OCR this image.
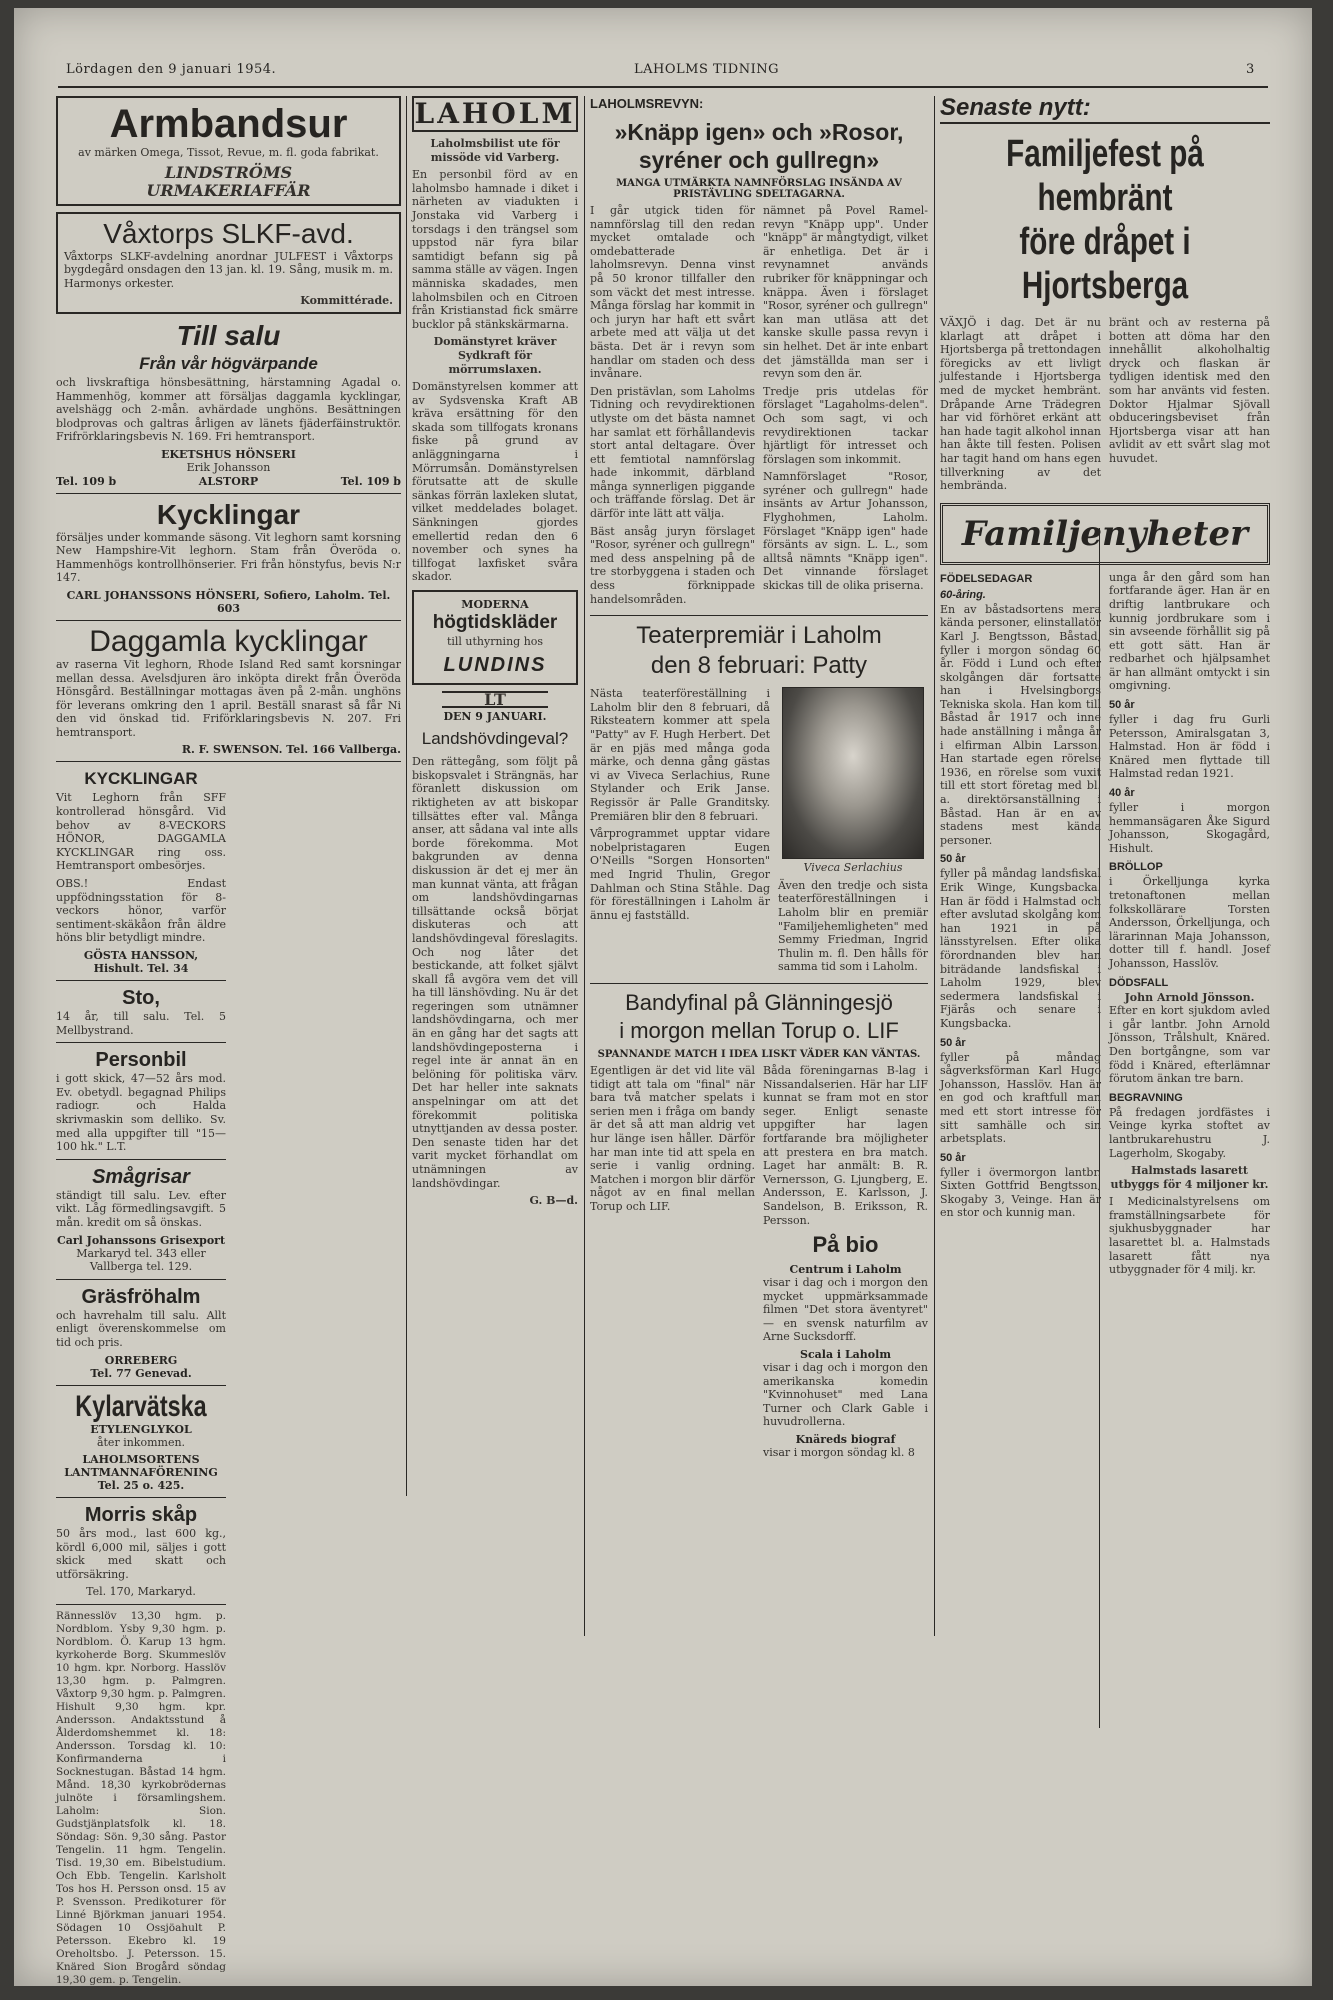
Lördagen den 9 januari 1954.	LAHOLMS TIDNING	3

Armbandsur

av märken Omega, Tissot, Revue, m. fl. goda fabrikat.

LINDSTRÖMS

URMAKERIAFFÄR

Våxtorps SLKF-avd.

Våxtorps SLKF-avdelning anordnar JULFEST i Våxtorps bygdegård onsdagen den 13 jan. kl. 19. Sång, musik m. m. Harmonys orkester.

Kommittérade.

Till salu

Från vår högvärpande

och livskraftiga hönsbesättning, härstamning Agadal o. Hammenhög, kommer att försäljas daggamla kycklingar, avelshägg och 2-mån. avhärdade unghöns. Besättningen blodprovas och galtras årligen av länets fjäderfäinstruktör. Frifrörklaringsbevis N. 169. Fri hemtransport.

EKETSHUS HÖNSERI

Erik Johansson

Tel. 109 b	ALSTORP	Tel. 109 b

Kycklingar

försäljes under kommande säsong. Vit leghorn samt korsning New Hampshire-Vit leghorn. Stam från Överöda o. Hammenhögs kontrollhönserier. Fri från hönstyfus, bevis N:r 147.

CARL JOHANSSONS HÖNSERI, Sofiero, Laholm. Tel. 603

Daggamla kycklingar

av raserna Vit leghorn, Rhode Island Red samt korsningar mellan dessa. Avelsdjuren äro inköpta direkt från Överöda Hönsgård. Beställningar mottagas även på 2-mån. unghöns för leverans omkring den 1 april. Beställ snarast så får Ni den vid önskad tid. Friförklaringsbevis N. 207. Fri hemtransport.

R. F. SWENSON. Tel. 166 Vallberga.

KYCKLINGAR

Vit Leghorn från SFF kontrollerad hönsgård. Vid behov av 8-VECKORS HÖNOR, DAGGAMLA KYCKLINGAR ring oss. Hemtransport ombesörjes.

OBS.! Endast uppfödningsstation för 8-veckors hönor, varför sentiment-skäkåon från äldre höns blir betydligt mindre.

GÖSTA HANSSON,

Hishult. Tel. 34

Sto,

14 år, till salu. Tel. 5 Mellbystrand.

Personbil

i gott skick, 47—52 års mod. Ev. obetydl. begagnad Philips radiogr. och Halda skrivmaskin som delliko. Sv. med alla uppgifter till "15—100 hk." L.T.

Smågrisar

ständigt till salu. Lev. efter vikt. Låg förmedlingsavgift. 5 mån. kredit om så önskas.

Carl Johanssons Grisexport

Markaryd tel. 343 eller Vallberga tel. 129.

Gräsfröhalm

och havrehalm till salu. Allt enligt överenskommelse om tid och pris.

ORREBERG

Tel. 77 Genevad.

Kylarvätska

ETYLENGLYKOL

åter inkommen.

LAHOLMSORTENS

LANTMANNAFÖRENING

Tel. 25 o. 425.

Morris skåp

50 års mod., last 600 kg., kördl 6,000 mil, säljes i gott skick med skatt och utförsäkring.

Tel. 170, Markaryd.

Rännesslöv 13,30 hgm. p. Nordblom. Ysby 9,30 hgm. p. Nordblom. Ö. Karup 13 hgm. kyrkoherde Borg. Skummeslöv 10 hgm. kpr. Norborg. Hasslöv 13,30 hgm. p. Palmgren. Våxtorp 9,30 hgm. p. Palmgren. Hishult 9,30 hgm. kpr. Andersson. Andaktsstund å Ålderdomshemmet kl. 18: Andersson. Torsdag kl. 10: Konfirmanderna i Socknestugan. Båstad 14 hgm. Månd. 18,30 kyrkobrödernas julnöte i församlingshem. Laholm: Sion. Gudstjänplatsfolk kl. 18. Söndag: Sön. 9,30 sång. Pastor Tengelin. 11 hgm. Tengelin. Tisd. 19,30 em. Bibelstudium. Och Ebb. Tengelin. Karlsholt Tos hos H. Persson onsd. 15 av P. Svensson. Predikoturer för Linné Björkman januari 1954. Södagen 10 Ossjöahult P. Petersson. Ekebro kl. 19 Oreholtsbo. J. Petersson. 15. Knäred Sion Brogård söndag 19,30 gem. p. Tengelin.

LAHOLM

Laholmsbilist ute för missöde vid Varberg.

En personbil förd av en laholmsbo hamnade i diket i närheten av viadukten i Jonstaka vid Varberg i torsdags i den trängsel som uppstod när fyra bilar samtidigt befann sig på samma ställe av vägen. Ingen människa skadades, men laholmsbilen och en Citroen från Kristianstad fick smärre bucklor på stänkskärmarna.

Domänstyret kräver Sydkraft för mörrumslaxen.

Domänstyrelsen kommer att av Sydsvenska Kraft AB kräva ersättning för den skada som tillfogats kronans fiske på grund av anläggningarna i Mörrumsån. Domänstyrelsen förutsatte att de skulle sänkas förrän laxleken slutat, vilket meddelades bolaget. Sänkningen gjordes emellertid redan den 6 november och synes ha tillfogat laxfisket svåra skador.

MODERNA

högtidskläder

till uthyrning hos

LUNDINS

LT

DEN 9 JANUARI.

Landshövdingeval?

Den rättegång, som följt på biskopsvalet i Strängnäs, har föranlett diskussion om riktigheten av att biskopar tillsättes efter val. Många anser, att sådana val inte alls borde förekomma. Mot bakgrunden av denna diskussion är det ej mer än man kunnat vänta, att frågan om landshövdingarnas tillsättande också börjat diskuteras och att landshövdingeval föreslagits. Och nog låter det bestickande, att folket självt skall få avgöra vem det vill ha till länshövding. Nu är det regeringen som utnämner landshövdingarna, och mer än en gång har det sagts att landshövdingeposterna i regel inte är annat än en belöning för politiska värv. Det har heller inte saknats anspelningar om att det förekommit politiska utnyttjanden av dessa poster. Den senaste tiden har det varit mycket förhandlat om utnämningen av landshövdingar.

G. B—d.

LAHOLMSREVYN:

»Knäpp igen» och »Rosor,

syréner och gullregn»

MANGA UTMÄRKTA NAMNFÖRSLAG INSÄNDA AV PRISTÄVLING SDELTAGARNA.

I går utgick tiden för namnförslag till den redan mycket omtalade och omdebatterade laholmsrevyn. Denna vinst på 50 kronor tillfaller den som väckt det mest intresse. Många förslag har kommit in och juryn har haft ett svårt arbete med att välja ut det bästa. Det är i revyn som handlar om staden och dess invånare.

Den pristävlan, som Laholms Tidning och revydirektionen utlyste om det bästa namnet har samlat ett förhållandevis stort antal deltagare. Över ett femtiotal namnförslag hade inkommit, därbland många synnerligen piggande och träffande förslag. Det är därför inte lätt att välja.

Bäst ansåg juryn förslaget "Rosor, syréner och gullregn" med dess anspelning på de tre storbyggena i staden och dess förknippade handelsområden.

nämnet på Povel Ramel-revyn "Knäpp upp". Under "knäpp" är mångtydigt, vilket är enhetliga. Det är i revynamnet används rubriker för knäppningar och knäppa. Även i förslaget "Rosor, syréner och gullregn" kan man utläsa att det kanske skulle passa revyn i sin helhet. Det är inte enbart det jämställda man ser i revyn som den är.

Tredje pris utdelas för förslaget "Lagaholms-delen". Och som sagt, vi och revydirektionen tackar hjärtligt för intresset och förslagen som inkommit.

Namnförslaget "Rosor, syréner och gullregn" hade insänts av Artur Johansson, Flyghohmen, Laholm. Förslaget "Knäpp igen" hade försänts av sign. L. L., som alltså nämnts "Knäpp igen". Det vinnande förslaget skickas till de olika priserna.

Teaterpremiär i Laholm

den 8 februari: Patty

Nästa teaterföreställning i Laholm blir den 8 februari, då Riksteatern kommer att spela "Patty" av F. Hugh Herbert. Det är en pjäs med många goda märke, och denna gång gästas vi av Viveca Serlachius, Rune Stylander och Erik Janse. Regissör är Palle Granditsky. Premiären blir den 8 februari.

Vårprogrammet upptar vidare nobelpristagaren Eugen O'Neills "Sorgen Honsorten" med Ingrid Thulin, Gregor Dahlman och Stina Ståhle. Dag för föreställningen i Laholm är ännu ej fastställd.

Viveca Serlachius

Även den tredje och sista teaterföreställningen i Laholm blir en premiär "Familjehemligheten" med Semmy Friedman, Ingrid Thulin m. fl. Den hålls för samma tid som i Laholm.

Bandyfinal på Glänningesjö

i morgon mellan Torup o. LIF

SPANNANDE MATCH I IDEA LISKT VÄDER KAN VÄNTAS.

Egentligen är det vid lite väl tidigt att tala om "final" när bara två matcher spelats i serien men i fråga om bandy är det så att man aldrig vet hur länge isen håller. Därför har man inte tid att spela en serie i vanlig ordning. Matchen i morgon blir därför något av en final mellan Torup och LIF.

Båda föreningarnas B-lag i Nissandalserien. Här har LIF kunnat se fram mot en stor seger. Enligt senaste uppgifter har lagen fortfarande bra möjligheter att prestera en bra match. Laget har anmält: B. R. Vernersson, G. Ljungberg, E. Andersson, E. Karlsson, J. Sandelson, B. Eriksson, R. Persson.

På bio

Centrum i Laholm

visar i dag och i morgon den mycket uppmärksammade filmen "Det stora äventyret" — en svensk naturfilm av Arne Sucksdorff.

Scala i Laholm

visar i dag och i morgon den amerikanska komedin "Kvinnohuset" med Lana Turner och Clark Gable i huvudrollerna.

Knäreds biograf

visar i morgon söndag kl. 8

Senaste nytt:

Familjefest på hembränt

före dråpet i Hjortsberga

VÄXJÖ i dag. Det är nu klarlagt att dråpet i Hjortsberga på trettondagen föregicks av ett livligt julfestande i Hjortsberga med de mycket hembränt. Dråpande Arne Trädegren har vid förhöret erkänt att han hade tagit alkohol innan han åkte till festen. Polisen har tagit hand om hans egen tillverkning av det hembrända.

bränt och av resterna på botten att döma har den innehållit alkoholhaltig dryck och flaskan är tydligen identisk med den som har använts vid festen. Doktor Hjalmar Sjövall obduceringsbeviset från Hjortsberga visar att han avlidit av ett svårt slag mot huvudet.

Familjenyheter

FÖDELSEDAGAR

60-åring.

En av båstadsortens mera kända personer, elinstallatör Karl J. Bengtsson, Båstad, fyller i morgon söndag 60 år. Född i Lund och efter skolgången där fortsatte han i Hvelsingborgs Tekniska skola. Han kom till Båstad år 1917 och inne hade anställning i många år i elfirman Albin Larsson. Han startade egen rörelse 1936, en rörelse som vuxit till ett stort företag med bl. a. direktörsanställning i Båstad. Han är en av stadens mest kända personer.

50 år

fyller på måndag landsfiskal Erik Winge, Kungsbacka. Han är född i Halmstad och efter avslutad skolgång kom han 1921 in på länsstyrelsen. Efter olika förordnanden blev han biträdande landsfiskal i Laholm 1929, blev sedermera landsfiskal i Fjärås och senare i Kungsbacka.

50 år

fyller på måndag sågverksförman Karl Hugo Johansson, Hasslöv. Han är en god och kraftfull man med ett stort intresse för sitt samhälle och sin arbetsplats.

50 år

fyller i övermorgon lantbr. Sixten Gottfrid Bengtsson, Skogaby 3, Veinge. Han är en stor och kunnig man.

unga år den gård som han fortfarande äger. Han är en driftig lantbrukare och kunnig jordbrukare som i sin avseende förhållit sig på ett gott sätt. Han är redbarhet och hjälpsamhet är han allmänt omtyckt i sin omgivning.

50 år

fyller i dag fru Gurli Petersson, Amiralsgatan 3, Halmstad. Hon är född i Knäred men flyttade till Halmstad redan 1921.

40 år

fyller i morgon hemmansägaren Åke Sigurd Johansson, Skogagård, Hishult.

BRÖLLOP

i Örkelljunga kyrka tretonaftonen mellan folkskollärare Torsten Andersson, Örkelljunga, och lärarinnan Maja Johansson, dotter till f. handl. Josef Johansson, Hasslöv.

DÖDSFALL

John Arnold Jönsson.

Efter en kort sjukdom avled i går lantbr. John Arnold Jönsson, Trålshult, Knäred. Den bortgångne, som var född i Knäred, efterlämnar förutom änkan tre barn.

BEGRAVNING

På fredagen jordfästes i Veinge kyrka stoftet av lantbrukarehustru J. Lagerholm, Skogaby.

Halmstads lasarett utbyggs för 4 miljoner kr.

I Medicinalstyrelsens om framställningsarbete för sjukhusbyggnader har lasarettet bl. a. Halmstads lasarett fått nya utbyggnader för 4 milj. kr.
